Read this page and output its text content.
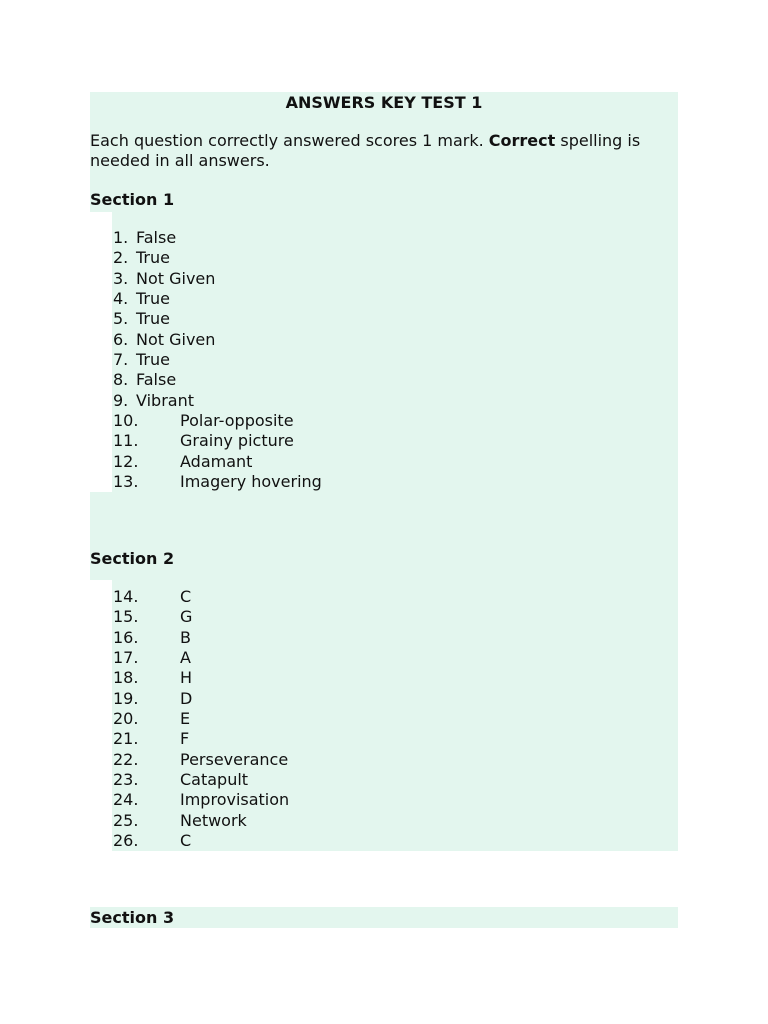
ANSWERS KEY TEST 1

Each question correctly answered scores 1 mark. Correct spelling is needed in all answers.

Section 1
1. False
2. True
3. Not Given
4. True
5. True
6. Not Given
7. True
8. False
9. Vibrant
10.	Polar-opposite
11.	Grainy picture
12.	Adamant
13.	Imagery hovering
Section 2
14.	C
15.	G
16.	B
17.	A
18.	H
19.	D
20.	E
21.	F
22.	Perseverance
23.	Catapult
24.	Improvisation
25.	Network
26.	C
Section 3
